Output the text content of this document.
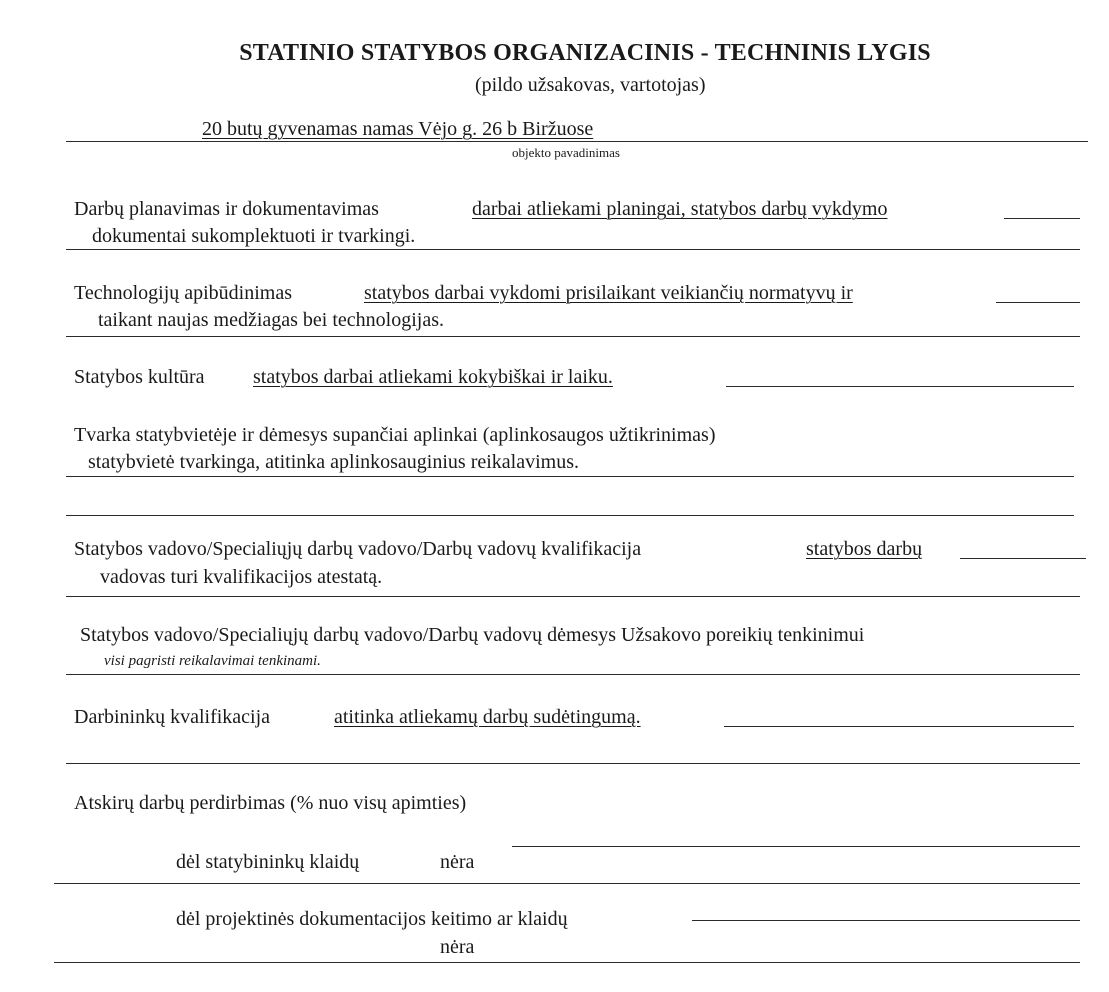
STATINIO STATYBOS ORGANIZACINIS - TECHNINIS LYGIS
(pildo užsakovas, vartotojas)
20 butų gyvenamas namas Vėjo g. 26 b Biržuose
objekto pavadinimas
Darbų planavimas ir dokumentavimas	darbai atliekami planingai, statybos darbų vykdymo
dokumentai sukomplektuoti ir tvarkingi.
Technologijų apibūdinimas	statybos darbai vykdomi prisilaikant veikiančių normatyvų ir
taikant naujas medžiagas bei technologijas.
Statybos kultūra statybos darbai atliekami kokybiškai ir laiku.
Tvarka statybvietėje ir dėmesys supančiai aplinkai (aplinkosaugos užtikrinimas)
statybvietė tvarkinga, atitinka aplinkosauginius reikalavimus.
Statybos vadovo/Specialiųjų darbų vadovo/Darbų vadovų kvalifikacija	statybos darbų
vadovas turi kvalifikacijos atestatą.
Statybos vadovo/Specialiųjų darbų vadovo/Darbų vadovų dėmesys Užsakovo poreikių tenkinimui
visi pagristi reikalavimai tenkinami.
Darbininkų kvalifikacija	atitinka atliekamų darbų sudėtingumą.
Atskirų darbų perdirbimas (% nuo visų apimties)
dėl statybininkų klaidų	nėra
dėl projektinės dokumentacijos keitimo ar klaidų
nėra
